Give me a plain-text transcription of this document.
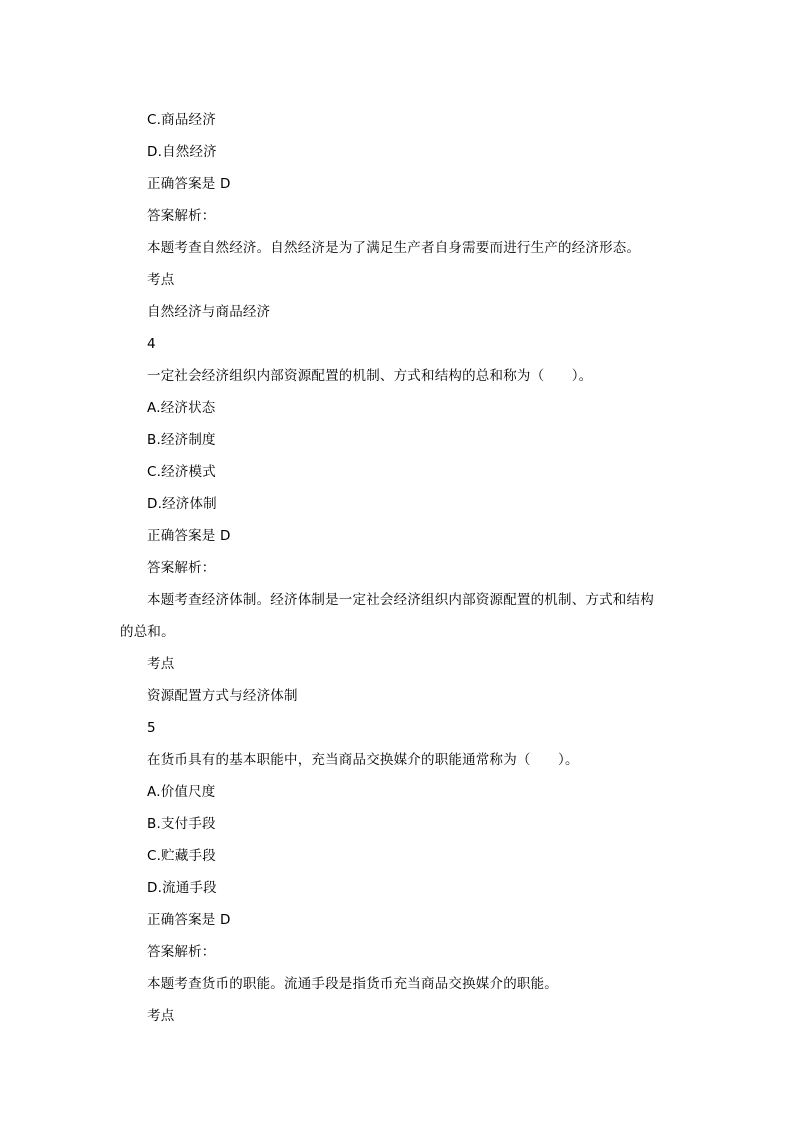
C.商品经济
D.自然经济
正确答案是 D
答案解析：
本题考查自然经济。自然经济是为了满足生产者自身需要而进行生产的经济形态。
考点
自然经济与商品经济
4
一定社会经济组织内部资源配置的机制、方式和结构的总和称为（　　）。
A.经济状态
B.经济制度
C.经济模式
D.经济体制
正确答案是 D
答案解析：
本题考查经济体制。经济体制是一定社会经济组织内部资源配置的机制、方式和结构
的总和。
考点
资源配置方式与经济体制
5
在货币具有的基本职能中，充当商品交换媒介的职能通常称为（　　）。
A.价值尺度
B.支付手段
C.贮藏手段
D.流通手段
正确答案是 D
答案解析：
本题考查货币的职能。流通手段是指货币充当商品交换媒介的职能。
考点
